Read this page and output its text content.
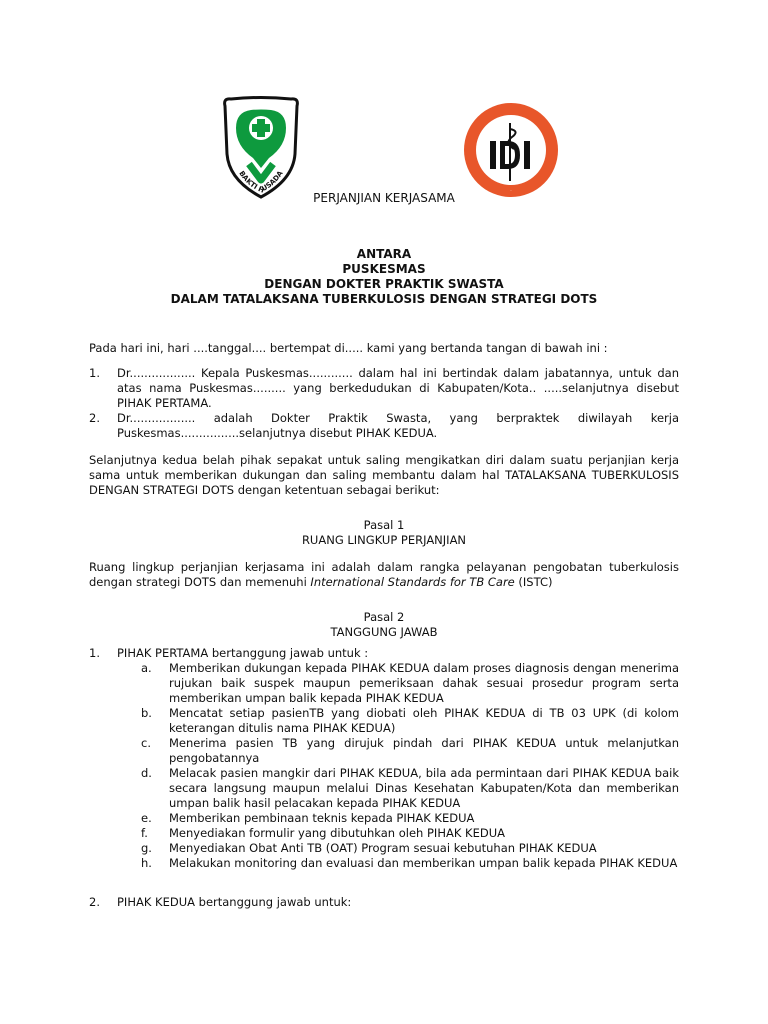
BAKTI HUSADA
IDI
PERJANJIAN KERJASAMA
ANTARA
PUSKESMAS
DENGAN DOKTER PRAKTIK SWASTA
DALAM TATALAKSANA TUBERKULOSIS DENGAN STRATEGI DOTS

Pada hari ini, hari ....tanggal.... bertempat di..... kami yang bertanda tangan di bawah ini :

1. Dr.................. Kepala Puskesmas............ dalam hal ini bertindak dalam jabatannya, untuk dan atas nama Puskesmas......... yang berkedudukan di Kabupaten/Kota.. .....selanjutnya disebut PIHAK PERTAMA.
2. Dr.................. adalah Dokter Praktik Swasta, yang berpraktek diwilayah kerja Puskesmas................selanjutnya disebut PIHAK KEDUA.

Selanjutnya kedua belah pihak sepakat untuk saling mengikatkan diri dalam suatu perjanjian kerja sama untuk memberikan dukungan dan saling membantu dalam hal TATALAKSANA TUBERKULOSIS DENGAN STRATEGI DOTS dengan ketentuan sebagai berikut:

Pasal 1
RUANG LINGKUP PERJANJIAN

Ruang lingkup perjanjian kerjasama ini adalah dalam rangka pelayanan pengobatan tuberkulosis dengan strategi DOTS dan memenuhi International Standards for TB Care (ISTC)

Pasal 2
TANGGUNG JAWAB
1. PIHAK PERTAMA bertanggung jawab untuk :
a. Memberikan dukungan kepada PIHAK KEDUA dalam proses diagnosis dengan menerima rujukan baik suspek maupun pemeriksaan dahak sesuai prosedur program serta memberikan umpan balik kepada PIHAK KEDUA
b. Mencatat setiap pasienTB yang diobati oleh PIHAK KEDUA di TB 03 UPK (di kolom keterangan ditulis nama PIHAK KEDUA)
c. Menerima pasien TB yang dirujuk pindah dari PIHAK KEDUA untuk melanjutkan pengobatannya
d. Melacak pasien mangkir dari PIHAK KEDUA, bila ada permintaan dari PIHAK KEDUA baik secara langsung maupun melalui Dinas Kesehatan Kabupaten/Kota dan memberikan umpan balik hasil pelacakan kepada PIHAK KEDUA
e. Memberikan pembinaan teknis kepada PIHAK KEDUA
f. Menyediakan formulir yang dibutuhkan oleh PIHAK KEDUA
g. Menyediakan Obat Anti TB (OAT) Program sesuai kebutuhan PIHAK KEDUA
h. Melakukan monitoring dan evaluasi dan memberikan umpan balik kepada PIHAK KEDUA
2. PIHAK KEDUA bertanggung jawab untuk:
